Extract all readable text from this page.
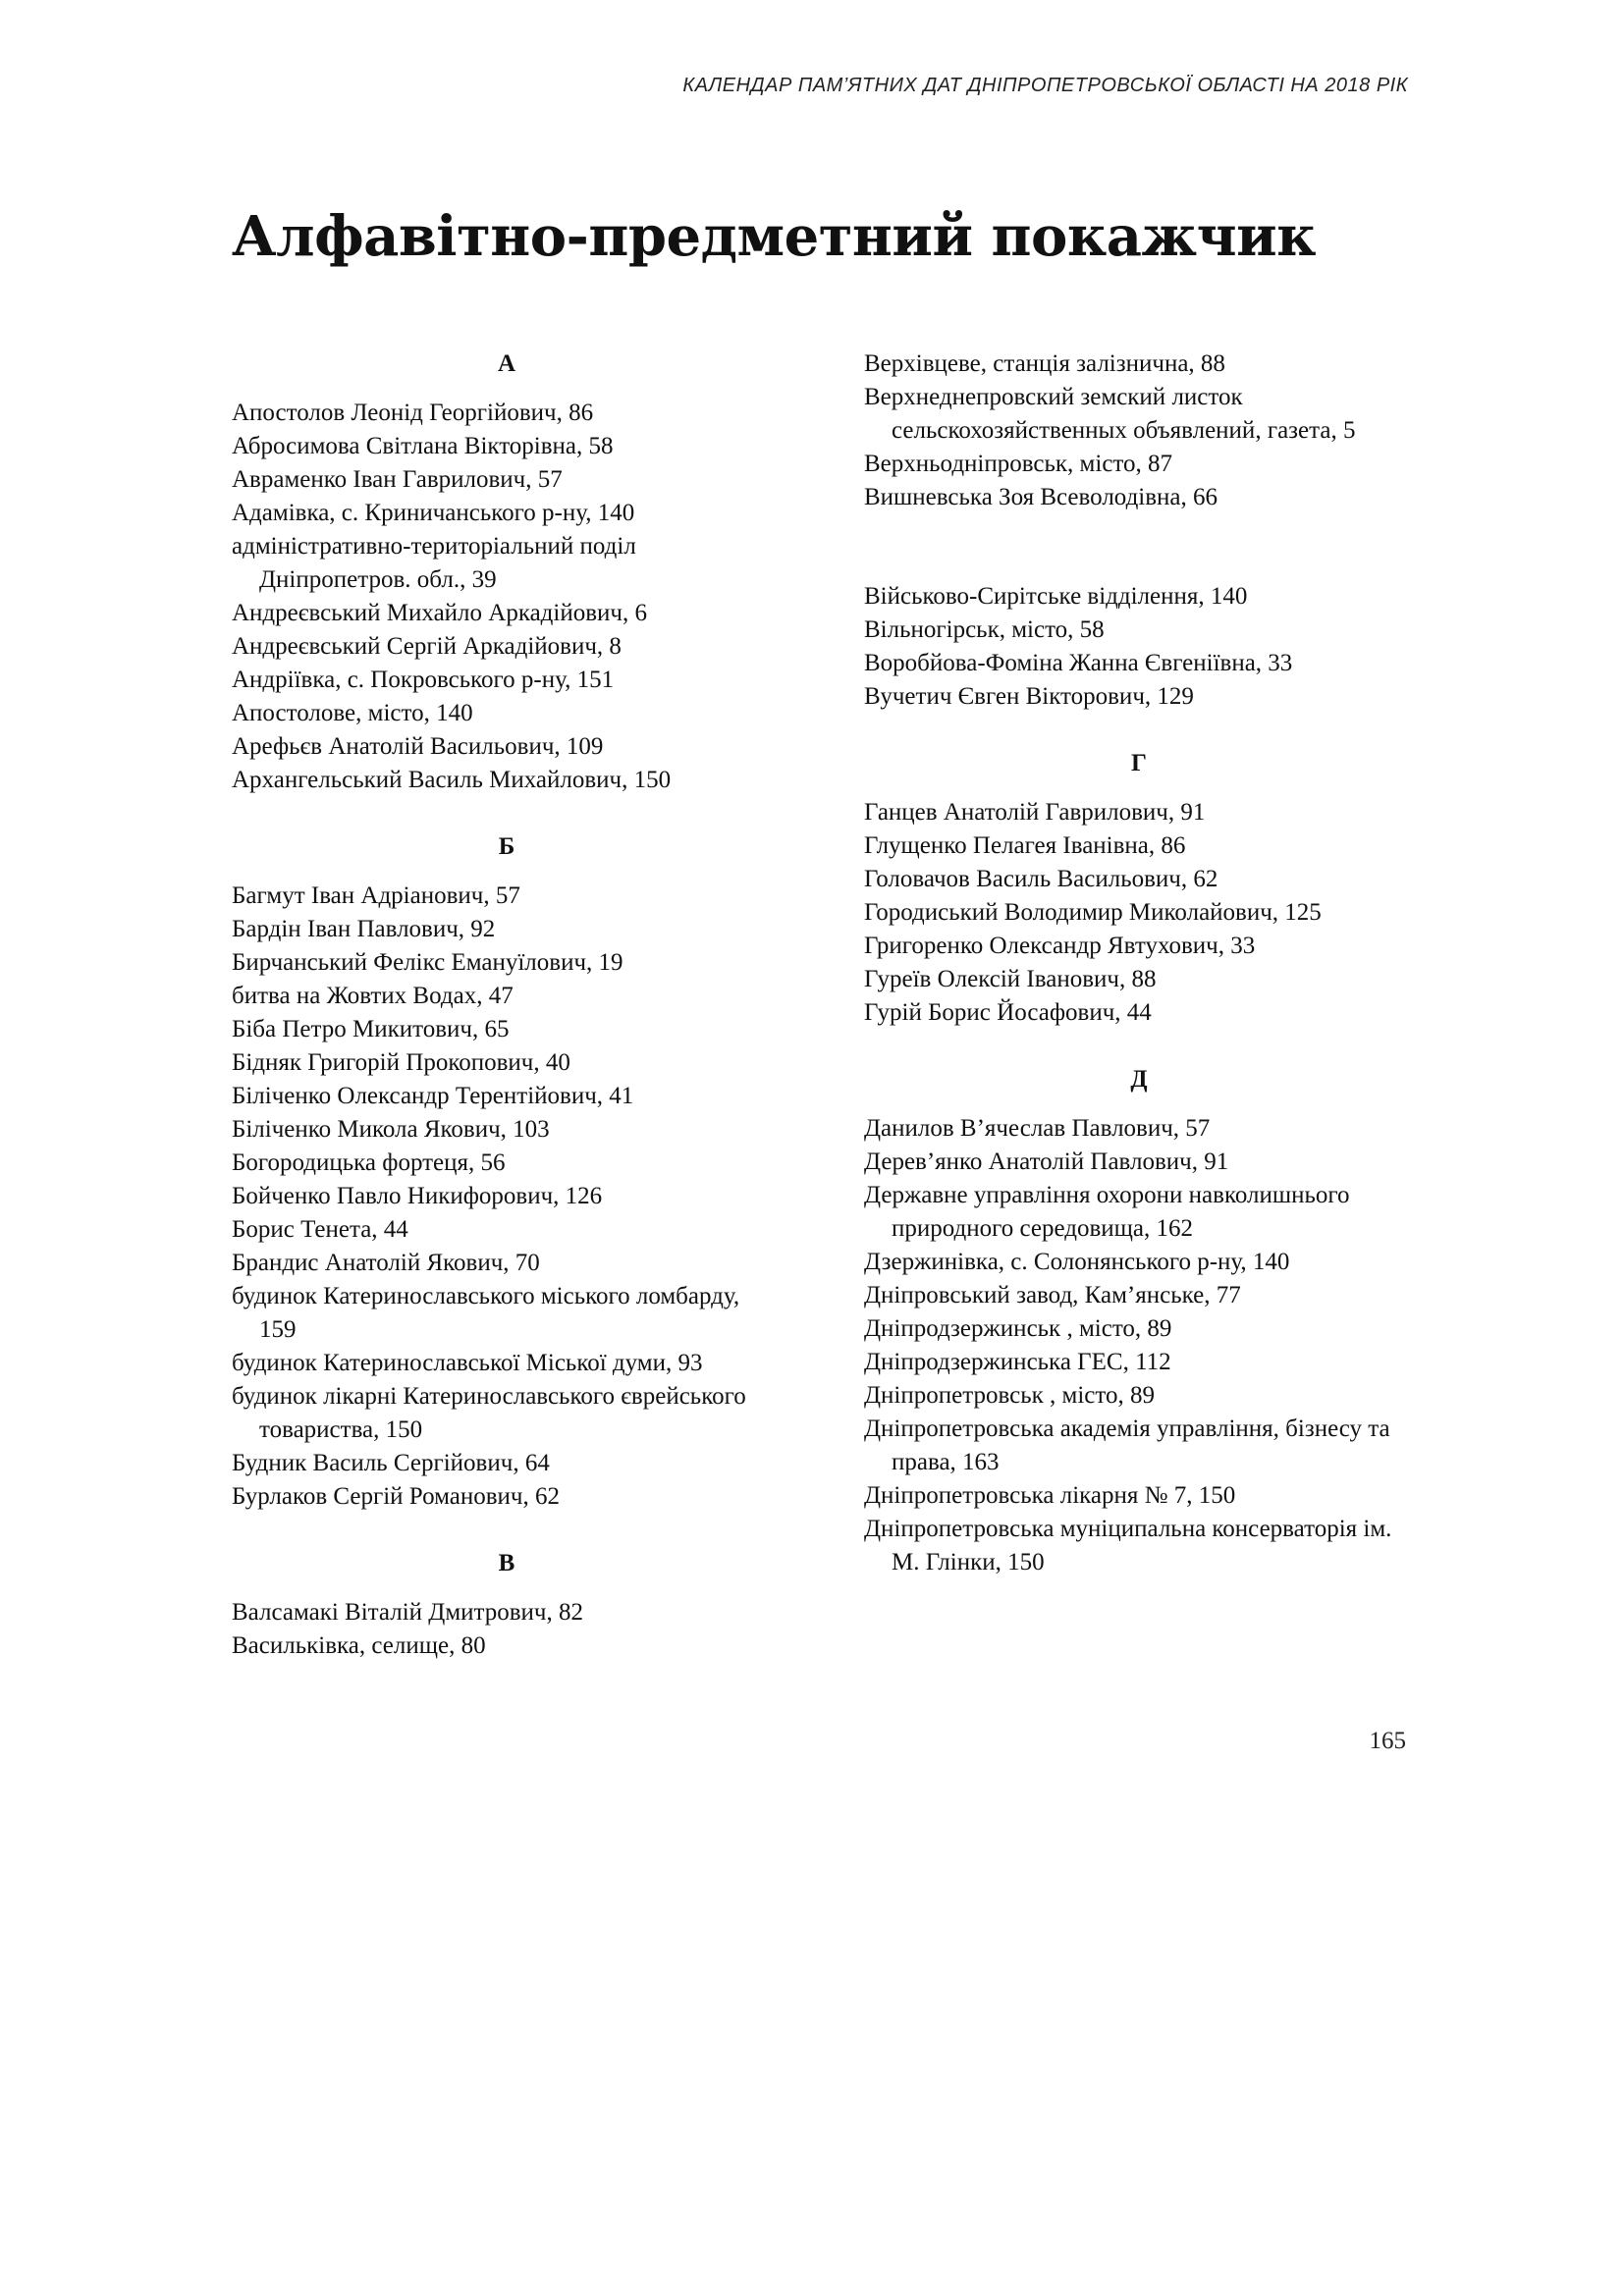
КАЛЕНДАР ПАМ’ЯТНИХ ДАТ ДНІПРОПЕТРОВСЬКОЇ ОБЛАСТІ НА 2018 РІК
Алфавітно-предметний покажчик
А
Апостолов Леонід Георгійович, 86
Абросимова Світлана Вікторівна, 58
Авраменко Іван Гаврилович, 57
Адамівка, с. Криничанського р-ну, 140
адміністративно-територіальний поділ Дніпропетров. обл., 39
Андреєвський Михайло Аркадійович, 6
Андреєвський Сергій Аркадійович, 8
Андріївка, с. Покровського р-ну, 151
Апостолове, місто, 140
Арефьєв Анатолій Васильович, 109
Архангельський Василь Михайлович, 150
Б
Багмут Іван Адріанович, 57
Бардін Іван Павлович, 92
Бирчанський Фелікс Емануїлович, 19
битва на Жовтих Водах, 47
Біба Петро Микитович, 65
Бідняк Григорій Прокопович, 40
Біліченко Олександр Терентійович, 41
Біліченко Микола Якович, 103
Богородицька фортеця, 56
Бойченко Павло Никифорович, 126
Борис Тенета, 44
Брандис Анатолій Якович, 70
будинок Катеринославського міського ломбарду, 159
будинок Катеринославської Міської думи, 93
будинок лікарні Катеринославського єврейського товариства, 150
Будник Василь Сергійович, 64
Бурлаков Сергій Романович, 62
В
Валсамакі Віталій Дмитрович, 82
Васильківка, селище, 80
Верхівцеве, станція залізнична, 88
Верхнеднепровский земский листок сельскохозяйственных объявлений, газета, 5
Верхньодніпровськ, місто, 87
Вишневська Зоя Всеволодівна, 66
Військово-Сирітське відділення, 140
Вільногірськ, місто, 58
Воробйова-Фоміна Жанна Євгеніївна, 33
Вучетич Євген Вікторович, 129
Г
Ганцев Анатолій Гаврилович, 91
Глущенко Пелагея Іванівна, 86
Головачов Василь Васильович, 62
Городиський Володимир Миколайович, 125
Григоренко Олександр Явтухович, 33
Гуреїв Олексій Іванович, 88
Гурій Борис Йосафович, 44
Д
Данилов В’ячеслав Павлович, 57
Дерев’янко Анатолій Павлович, 91
Державне управління охорони навколишнього природного середовища, 162
Дзержинівка, с. Солонянського р-ну, 140
Дніпровський завод, Кам’янське, 77
Дніпродзержинськ , місто, 89
Дніпродзержинська ГЕС, 112
Дніпропетровськ , місто, 89
Дніпропетровська академія управління, бізнесу та права, 163
Дніпропетровська лікарня № 7, 150
Дніпропетровська муніципальна консерваторія ім. М. Глінки, 150
165
